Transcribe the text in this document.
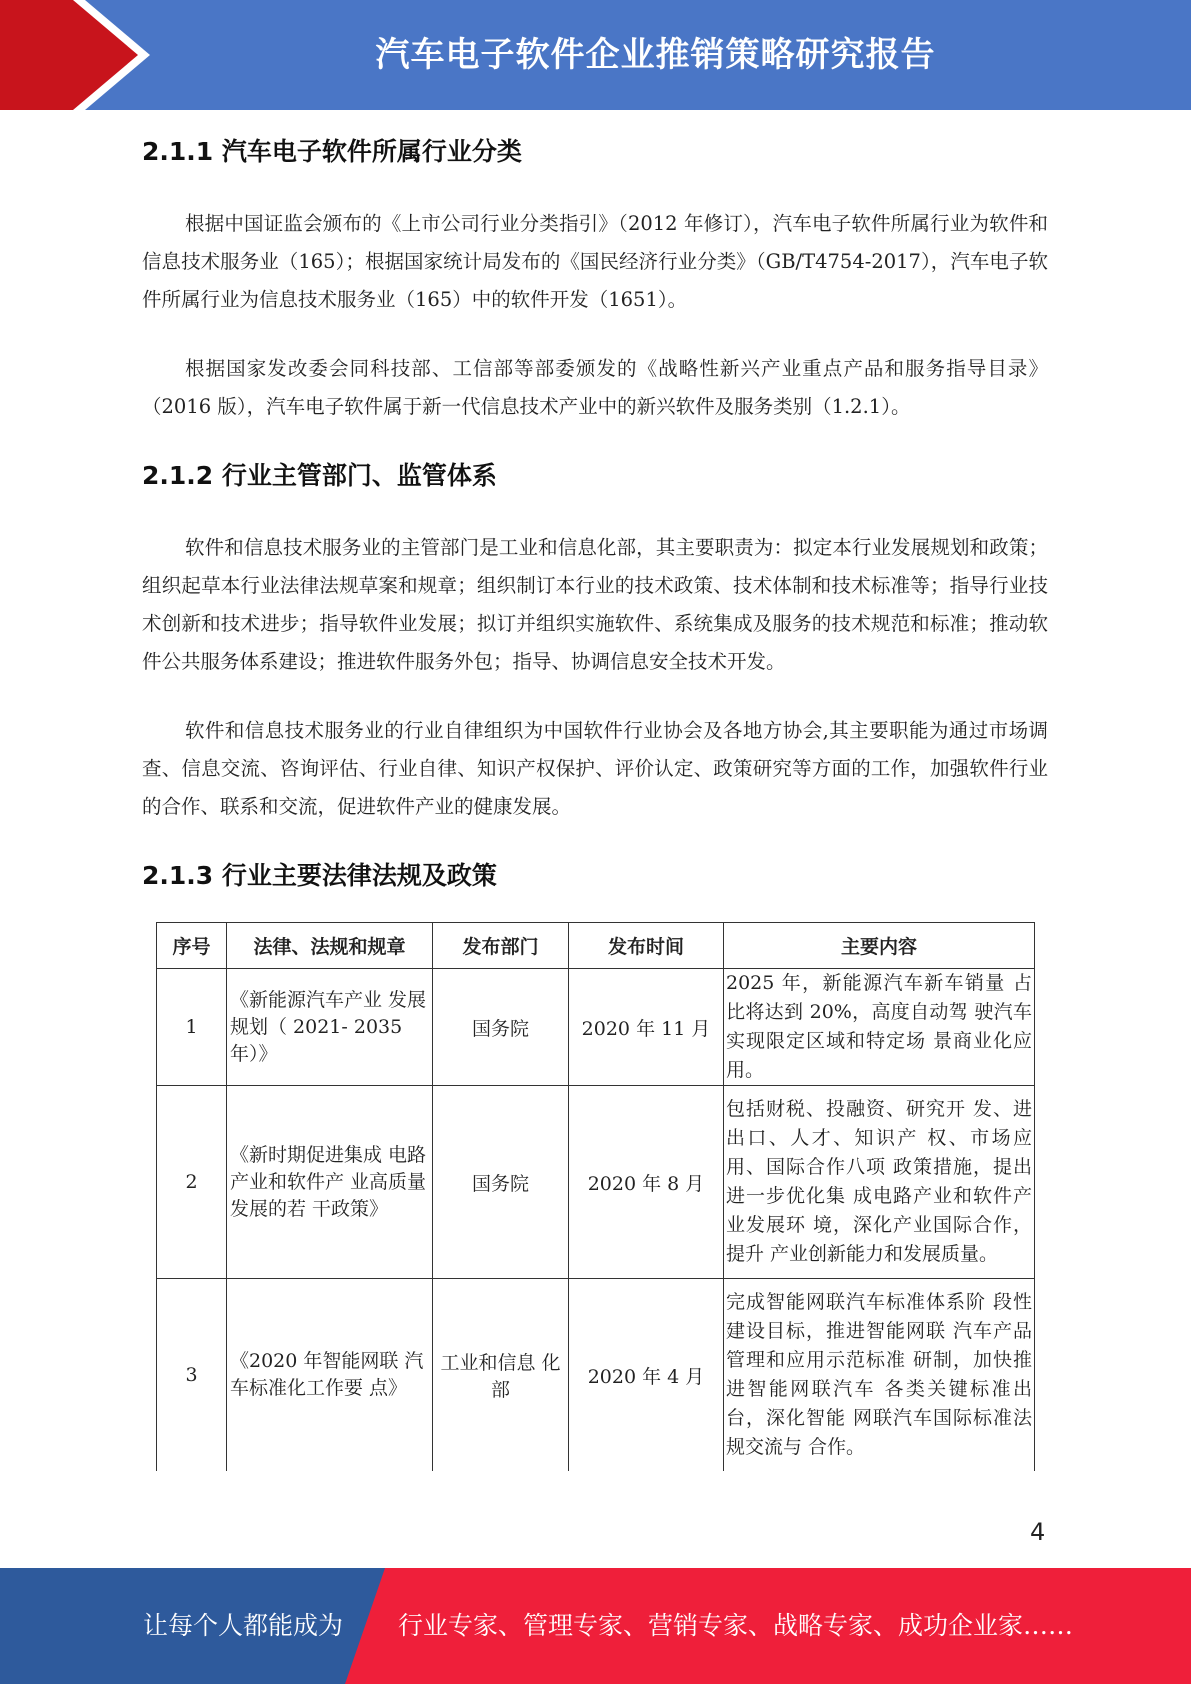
汽车电子软件企业推销策略研究报告
2.1.1 汽车电子软件所属行业分类

根据中国证监会颁布的《上市公司行业分类指引》（2012 年修订），汽车电子软件所属行业为软件和信息技术服务业（165）；根据国家统计局发布的《国民经济行业分类》（GB/T4754-2017），汽车电子软件所属行业为信息技术服务业（165）中的软件开发（1651）。

根据国家发改委会同科技部、工信部等部委颁发的《战略性新兴产业重点产品和服务指导目录》（2016 版），汽车电子软件属于新一代信息技术产业中的新兴软件及服务类别（1.2.1）。

2.1.2 行业主管部门、监管体系

软件和信息技术服务业的主管部门是工业和信息化部，其主要职责为：拟定本行业发展规划和政策；组织起草本行业法律法规草案和规章；组织制订本行业的技术政策、技术体制和技术标准等；指导行业技术创新和技术进步；指导软件业发展；拟订并组织实施软件、系统集成及服务的技术规范和标准；推动软件公共服务体系建设；推进软件服务外包；指导、协调信息安全技术开发。

软件和信息技术服务业的行业自律组织为中国软件行业协会及各地方协会,其主要职能为通过市场调查、信息交流、咨询评估、行业自律、知识产权保护、评价认定、政策研究等方面的工作，加强软件行业的合作、联系和交流，促进软件产业的健康发展。

2.1.3 行业主要法律法规及政策
序号	法律、法规和规章	发布部门	发布时间	主要内容
1	《新能源汽车产业 发展规划（ 2021- 2035 年）》	国务院	2020 年 11 月	2025 年，新能源汽车新车销量 占比将达到 20%，高度自动驾 驶汽车实现限定区域和特定场 景商业化应用。
2	《新时期促进集成 电路产业和软件产 业高质量发展的若 干政策》	国务院	2020 年 8 月	包括财税、投融资、研究开 发、进出口、人才、知识产 权、市场应用、国际合作八项 政策措施，提出进一步优化集 成电路产业和软件产业发展环 境，深化产业国际合作，提升 产业创新能力和发展质量。
3	《2020 年智能网联 汽车标准化工作要 点》	工业和信息 化部	2020 年 4 月	完成智能网联汽车标准体系阶 段性建设目标，推进智能网联 汽车产品管理和应用示范标准 研制，加快推进智能网联汽车 各类关键标准出台，深化智能 网联汽车国际标准法规交流与 合作。
4
让每个人都能成为 行业专家、管理专家、营销专家、战略专家、成功企业家……
